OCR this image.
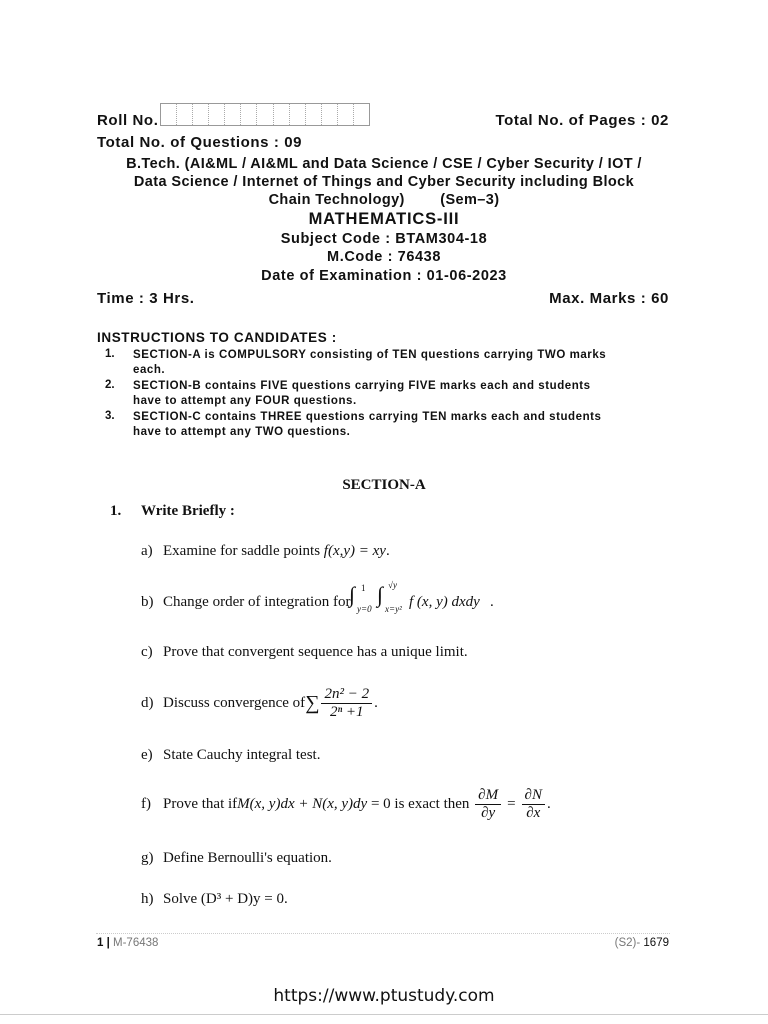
Roll No.	Total No. of Pages : 02
Total No. of Questions : 09
B.Tech. (AI&ML / AI&ML and Data Science / CSE / Cyber Security / IOT /
Data Science / Internet of Things and Cyber Security including Block
Chain Technology)        (Sem–3)
MATHEMATICS-III
Subject Code : BTAM304-18
M.Code : 76438
Date of Examination : 01-06-2023
Time : 3 Hrs.	Max. Marks : 60
INSTRUCTIONS TO CANDIDATES :
1.	SECTION-A is COMPULSORY consisting of TEN questions carrying TWO marks
each.
2.	SECTION-B contains FIVE questions carrying FIVE marks each and students
have to attempt any FOUR questions.
3.	SECTION-C contains THREE questions carrying TEN marks each and students
have to attempt any TWO questions.
SECTION-A
1. Write Briefly :
a) Examine for saddle points f(x,y) = xy.
b) Change order of integration for
∫ 1
y=0
∫ √y
x=y² f (x, y) dxdy .
c) Prove that convergent sequence has a unique limit.
d) Discuss convergence of ∑ $\frac{\text{2n² − 2}}{\text{2ⁿ +1}}$ .
e) State Cauchy integral test.
f) Prove that if M(x, y)dx + N(x, y)dy = 0 is exact then $\frac{\partial M}{\partial y} = \frac{\partial N}{\partial x}$ .
g) Define Bernoulli's equation.
h) Solve (D³ + D)y = 0.
1 | M-76438	(S2)- 1679
https://www.ptustudy.com
